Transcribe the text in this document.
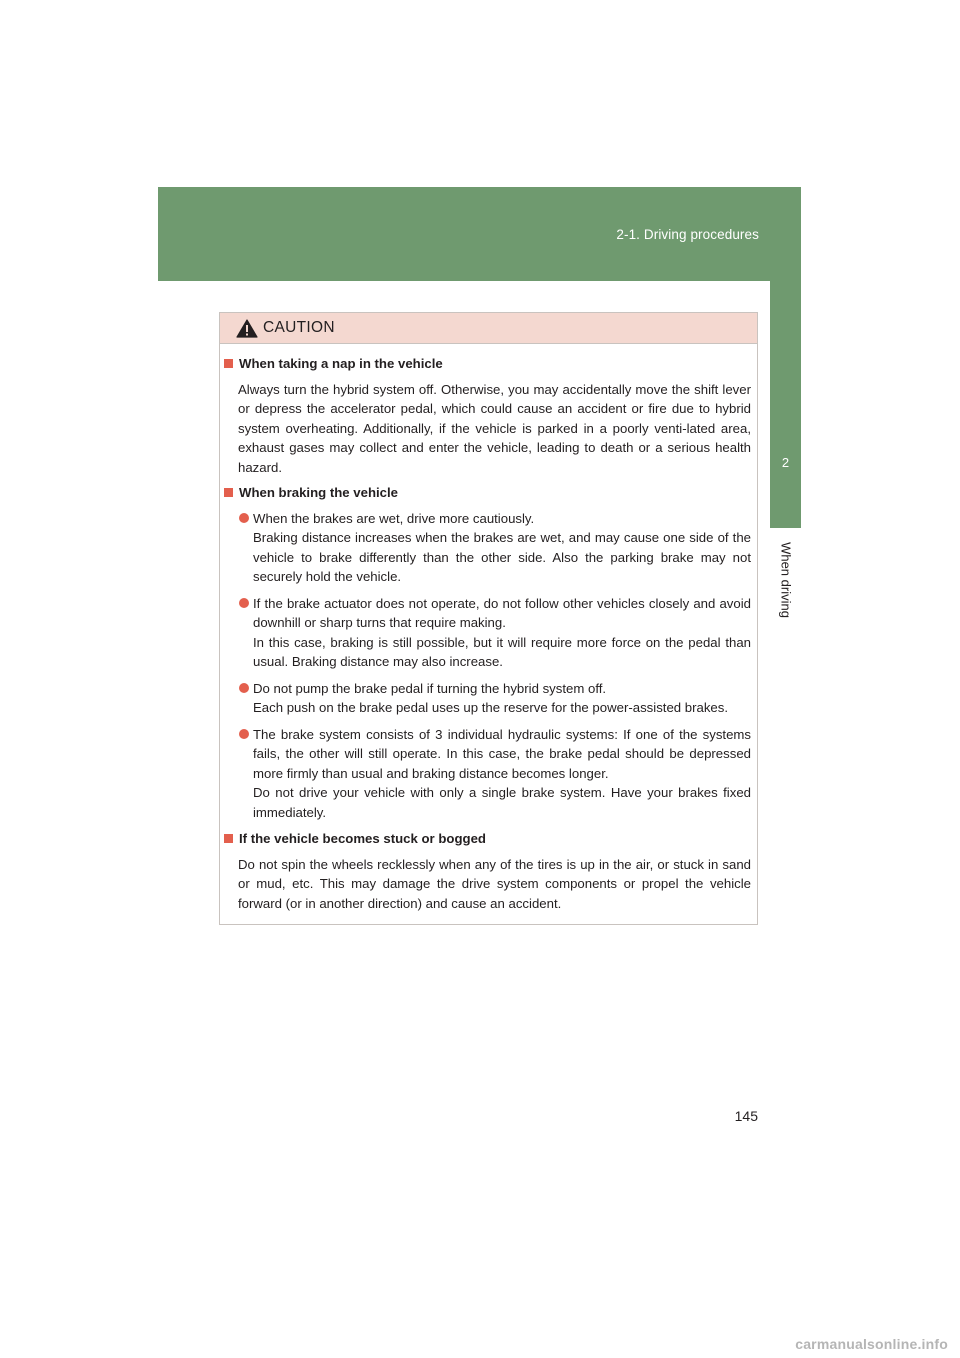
2-1. Driving procedures
2
When driving
CAUTION
When taking a nap in the vehicle
Always turn the hybrid system off. Otherwise, you may accidentally move the shift lever or depress the accelerator pedal, which could cause an accident or fire due to hybrid system overheating. Additionally, if the vehicle is parked in a poorly venti-lated area, exhaust gases may collect and enter the vehicle, leading to death or a serious health hazard.
When braking the vehicle
When the brakes are wet, drive more cautiously.
Braking distance increases when the brakes are wet, and may cause one side of the vehicle to brake differently than the other side. Also the parking brake may not securely hold the vehicle.
If the brake actuator does not operate, do not follow other vehicles closely and avoid downhill or sharp turns that require making.
In this case, braking is still possible, but it will require more force on the pedal than usual. Braking distance may also increase.
Do not pump the brake pedal if turning the hybrid system off.
Each push on the brake pedal uses up the reserve for the power-assisted brakes.
The brake system consists of 3 individual hydraulic systems: If one of the systems fails, the other will still operate. In this case, the brake pedal should be depressed more firmly than usual and braking distance becomes longer.
Do not drive your vehicle with only a single brake system. Have your brakes fixed immediately.
If the vehicle becomes stuck or bogged
Do not spin the wheels recklessly when any of the tires is up in the air, or stuck in sand or mud, etc. This may damage the drive system components or propel the vehicle forward (or in another direction) and cause an accident.
145
carmanualsonline.info
